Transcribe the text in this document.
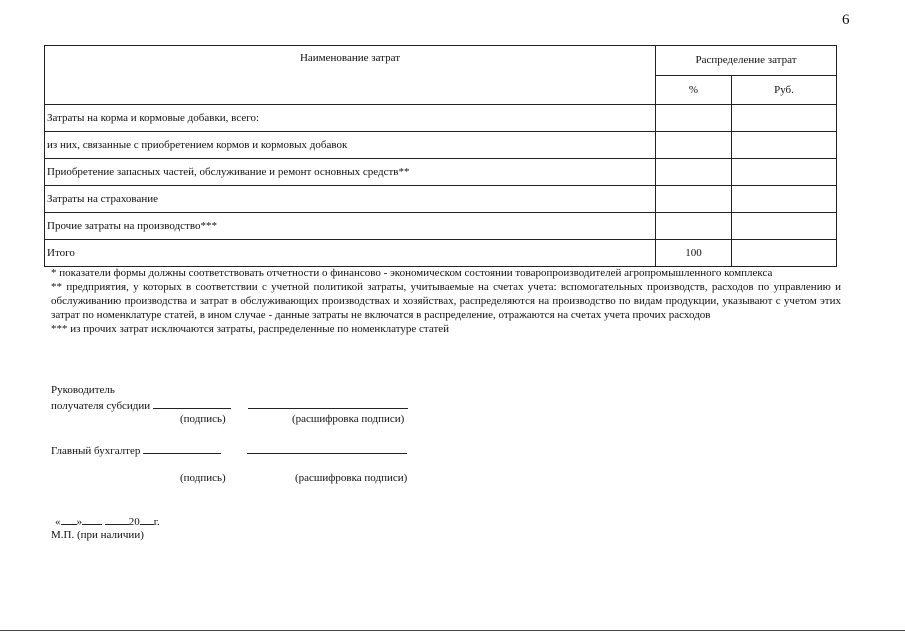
6
Наименование затрат	Распределение затрат	
	%	Руб.
Затраты на корма и кормовые добавки, всего:		
из них, связанные с приобретением кормов и кормовых добавок		
Приобретение запасных частей, обслуживание и ремонт основных средств**		
Затраты на страхование		
Прочие затраты на производство***		
Итого	100	

* показатели формы должны соответствовать отчетности о финансово - экономическом состоянии товаропроизводителей агропромышленного комплекса

** предприятия, у которых в соответствии с учетной политикой затраты, учитываемые на счетах учета: вспомогательных производств, расходов по управлению и обслуживанию производства и затрат в обслуживающих производствах и хозяйствах, распределяются на производство по видам продукции, указывают с учетом этих затрат по номенклатуре статей, в ином случае - данные затраты не включатся в распределение, отражаются на счетах учета прочих расходов

*** из прочих затрат исключаются затраты, распределенные по номенклатуре статей

Руководитель
получателя субсидии
(подпись)	(расшифровка подписи)
Главный бухгалтер
(подпись)	(расшифровка подписи)
« »	20 г.
М.П. (при наличии)
